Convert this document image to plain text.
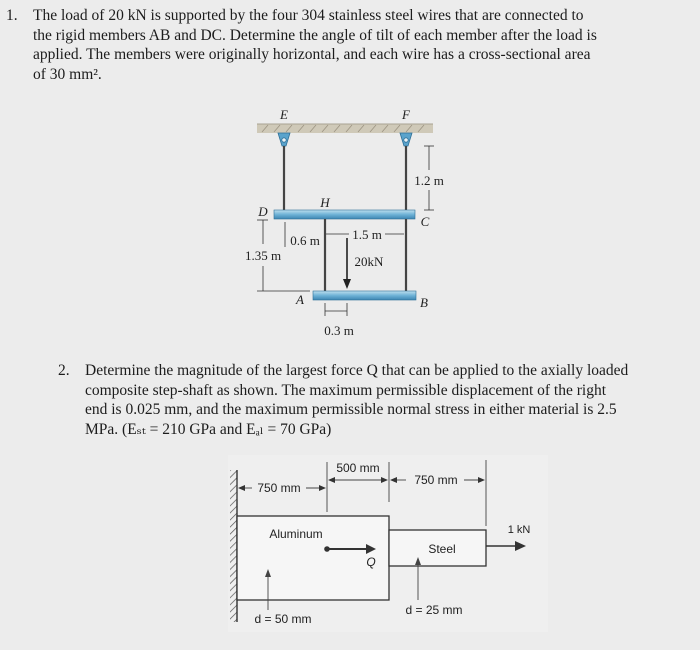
1. The load of 20 kN is supported by the four 304 stainless steel wires that are connected to
the rigid members AB and DC. Determine the angle of tilt of each member after the load is
applied. The members were originally horizontal, and each wire has a cross-sectional area
of 30 mm².
2. Determine the magnitude of the largest force Q that can be applied to the axially loaded
composite step-shaft as shown. The maximum permissible displacement of the right
end is 0.025 mm, and the maximum permissible normal stress in either material is 2.5
MPa. (Eₛₜ = 210 GPa and Eₐₗ = 70 GPa)
E	F
D
C
H
A	B
1.2 m
0.6 m
1.35 m
1.5 m
20kN
0.3 m
750 mm
500 mm
750 mm
Aluminum
Steel
Q
1 kN
d = 50 mm
d = 25 mm
